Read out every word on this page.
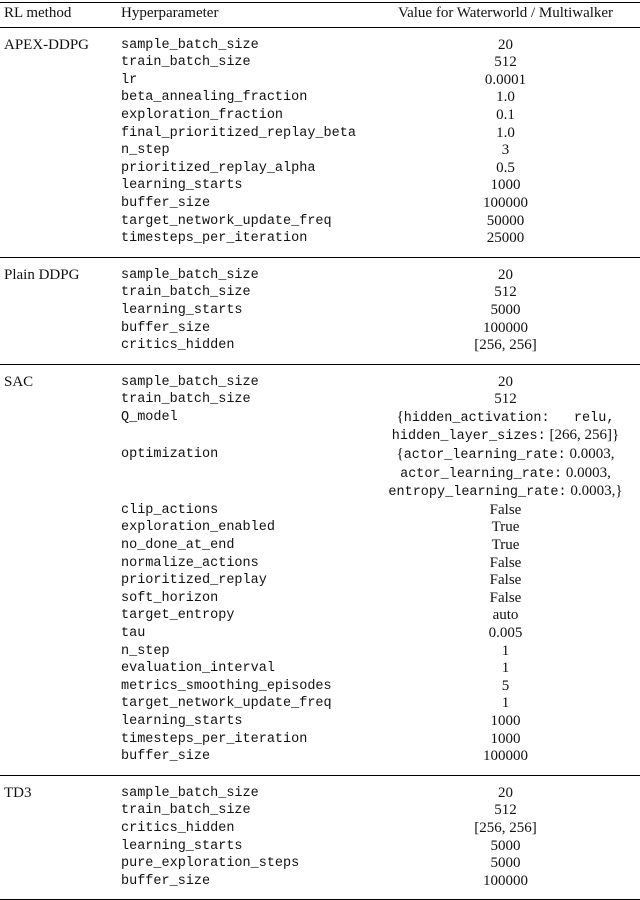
RL method	Hyperparameter	Value for Waterworld / Multiwalker
APEX-DDPG	sample_batch_size	20
	train_batch_size	512
	lr	0.0001
	beta_annealing_fraction	1.0
	exploration_fraction	0.1
	final_prioritized_replay_beta	1.0
	n_step	3
	prioritized_replay_alpha	0.5
	learning_starts	1000
	buffer_size	100000
	target_network_update_freq	50000
	timesteps_per_iteration	25000
Plain DDPG	sample_batch_size	20
	train_batch_size	512
	learning_starts	5000
	buffer_size	100000
	critics_hidden	[256, 256]
SAC	sample_batch_size	20
	train_batch_size	512
	Q_model	{hidden_activation:   relu,
hidden_layer_sizes: [266, 256]}

	optimization	{actor_learning_rate: 0.0003,
actor_learning_rate: 0.0003,
entropy_learning_rate: 0.0003,}

	clip_actions	False
	exploration_enabled	True
	no_done_at_end	True
	normalize_actions	False
	prioritized_replay	False
	soft_horizon	False
	target_entropy	auto
	tau	0.005
	n_step	1
	evaluation_interval	1
	metrics_smoothing_episodes	5
	target_network_update_freq	1
	learning_starts	1000
	timesteps_per_iteration	1000
	buffer_size	100000
TD3	sample_batch_size	20
	train_batch_size	512
	critics_hidden	[256, 256]
	learning_starts	5000
	pure_exploration_steps	5000
	buffer_size	100000
